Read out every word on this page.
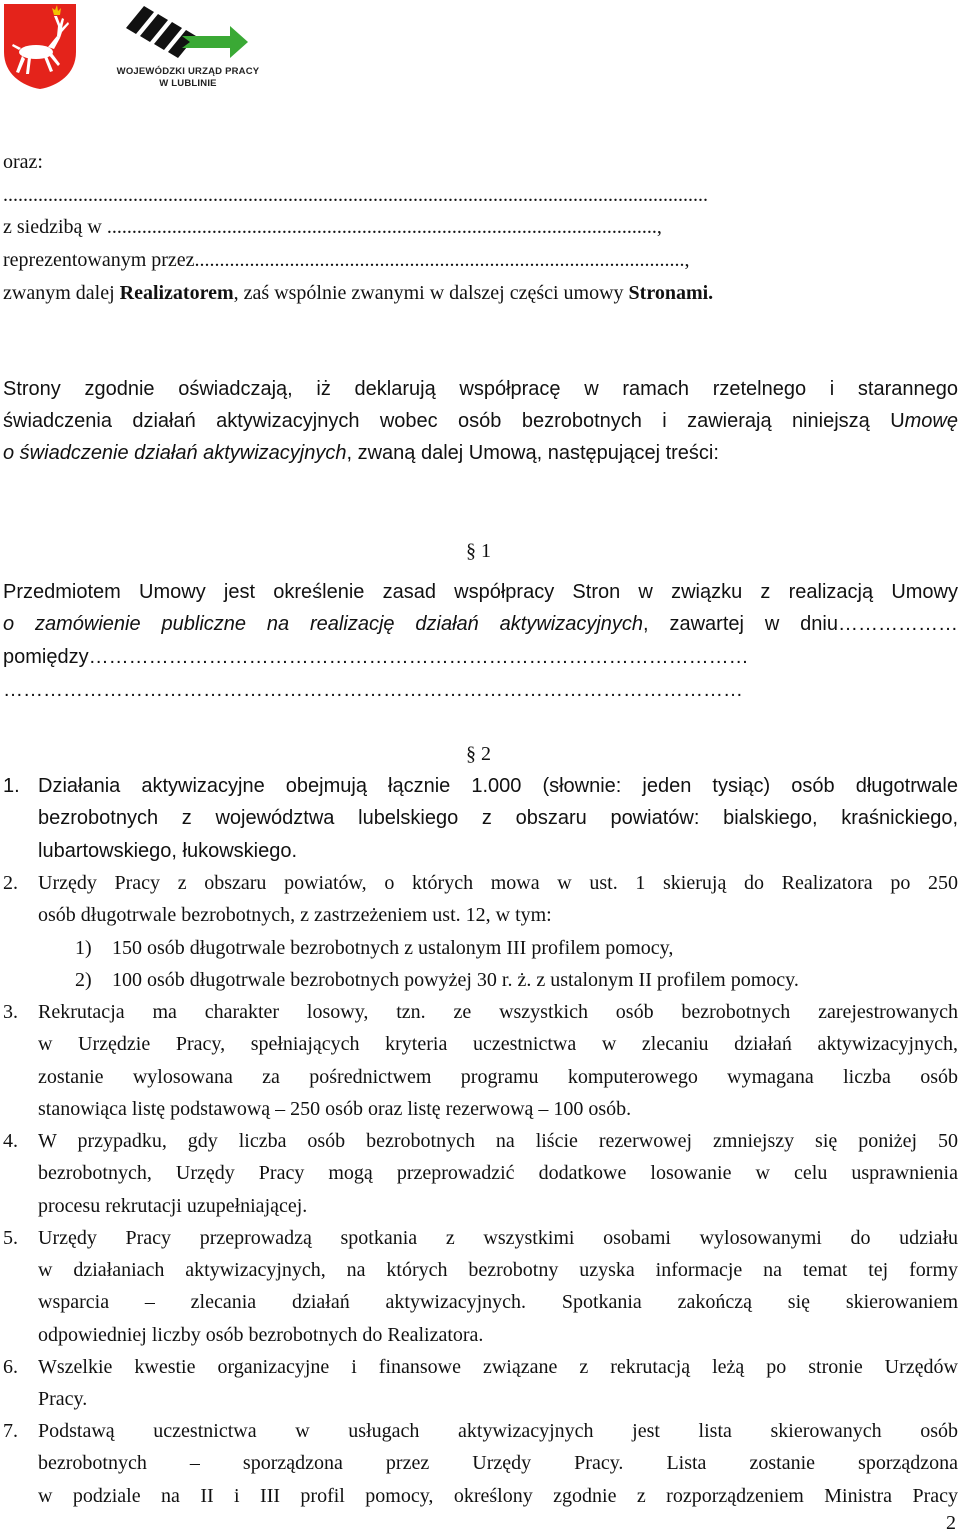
WOJEWÓDZKI URZĄD PRACY
W LUBLINIE
oraz:
.............................................................................................................................................
z siedzibą w ..............................................................................................................,
reprezentowanym przez..................................................................................................,
zwanym dalej Realizatorem, zaś wspólnie zwanymi w dalszej części umowy Stronami.
Strony zgodnie oświadczają, iż deklarują współpracę w ramach rzetelnego i starannego
świadczenia działań aktywizacyjnych wobec osób bezrobotnych i zawierają niniejszą Umowę
o świadczenie działań aktywizacyjnych, zwaną dalej Umową, następującej treści:
§ 1
Przedmiotem Umowy jest określenie zasad współpracy Stron w związku z realizacją Umowy
o zamówienie publiczne na realizację działań aktywizacyjnych, zawartej w dniu………………
pomiędzy………………………………………………………………………………………
…………………………………………………………………………………………………
§ 2
1. Działania aktywizacyjne obejmują łącznie 1.000 (słownie: jeden tysiąc) osób długotrwale
bezrobotnych z województwa lubelskiego z obszaru powiatów: bialskiego, kraśnickiego,
lubartowskiego, łukowskiego.
2. Urzędy Pracy z obszaru powiatów, o których mowa w ust. 1 skierują do Realizatora po 250
osób długotrwale bezrobotnych, z zastrzeżeniem ust. 12, w tym:
1) 150 osób długotrwale bezrobotnych z ustalonym III profilem pomocy,
2) 100 osób długotrwale bezrobotnych powyżej 30 r. ż. z ustalonym II profilem pomocy.
3. Rekrutacja ma charakter losowy, tzn. ze wszystkich osób bezrobotnych zarejestrowanych
w Urzędzie Pracy, spełniających kryteria uczestnictwa w zlecaniu działań aktywizacyjnych,
zostanie wylosowana za pośrednictwem programu komputerowego wymagana liczba osób
stanowiąca listę podstawową – 250 osób oraz listę rezerwową – 100 osób.
4. W przypadku, gdy liczba osób bezrobotnych na liście rezerwowej zmniejszy się poniżej 50
bezrobotnych, Urzędy Pracy mogą przeprowadzić dodatkowe losowanie w celu usprawnienia
procesu rekrutacji uzupełniającej.
5. Urzędy Pracy przeprowadzą spotkania z wszystkimi osobami wylosowanymi do udziału
w działaniach aktywizacyjnych, na których bezrobotny uzyska informacje na temat tej formy
wsparcia – zlecania działań aktywizacyjnych. Spotkania zakończą się skierowaniem
odpowiedniej liczby osób bezrobotnych do Realizatora.
6. Wszelkie kwestie organizacyjne i finansowe związane z rekrutacją leżą po stronie Urzędów
Pracy.
7. Podstawą uczestnictwa w usługach aktywizacyjnych jest lista skierowanych osób
bezrobotnych – sporządzona przez Urzędy Pracy. Lista zostanie sporządzona
w podziale na II i III profil pomocy, określony zgodnie z rozporządzeniem Ministra Pracy
2
